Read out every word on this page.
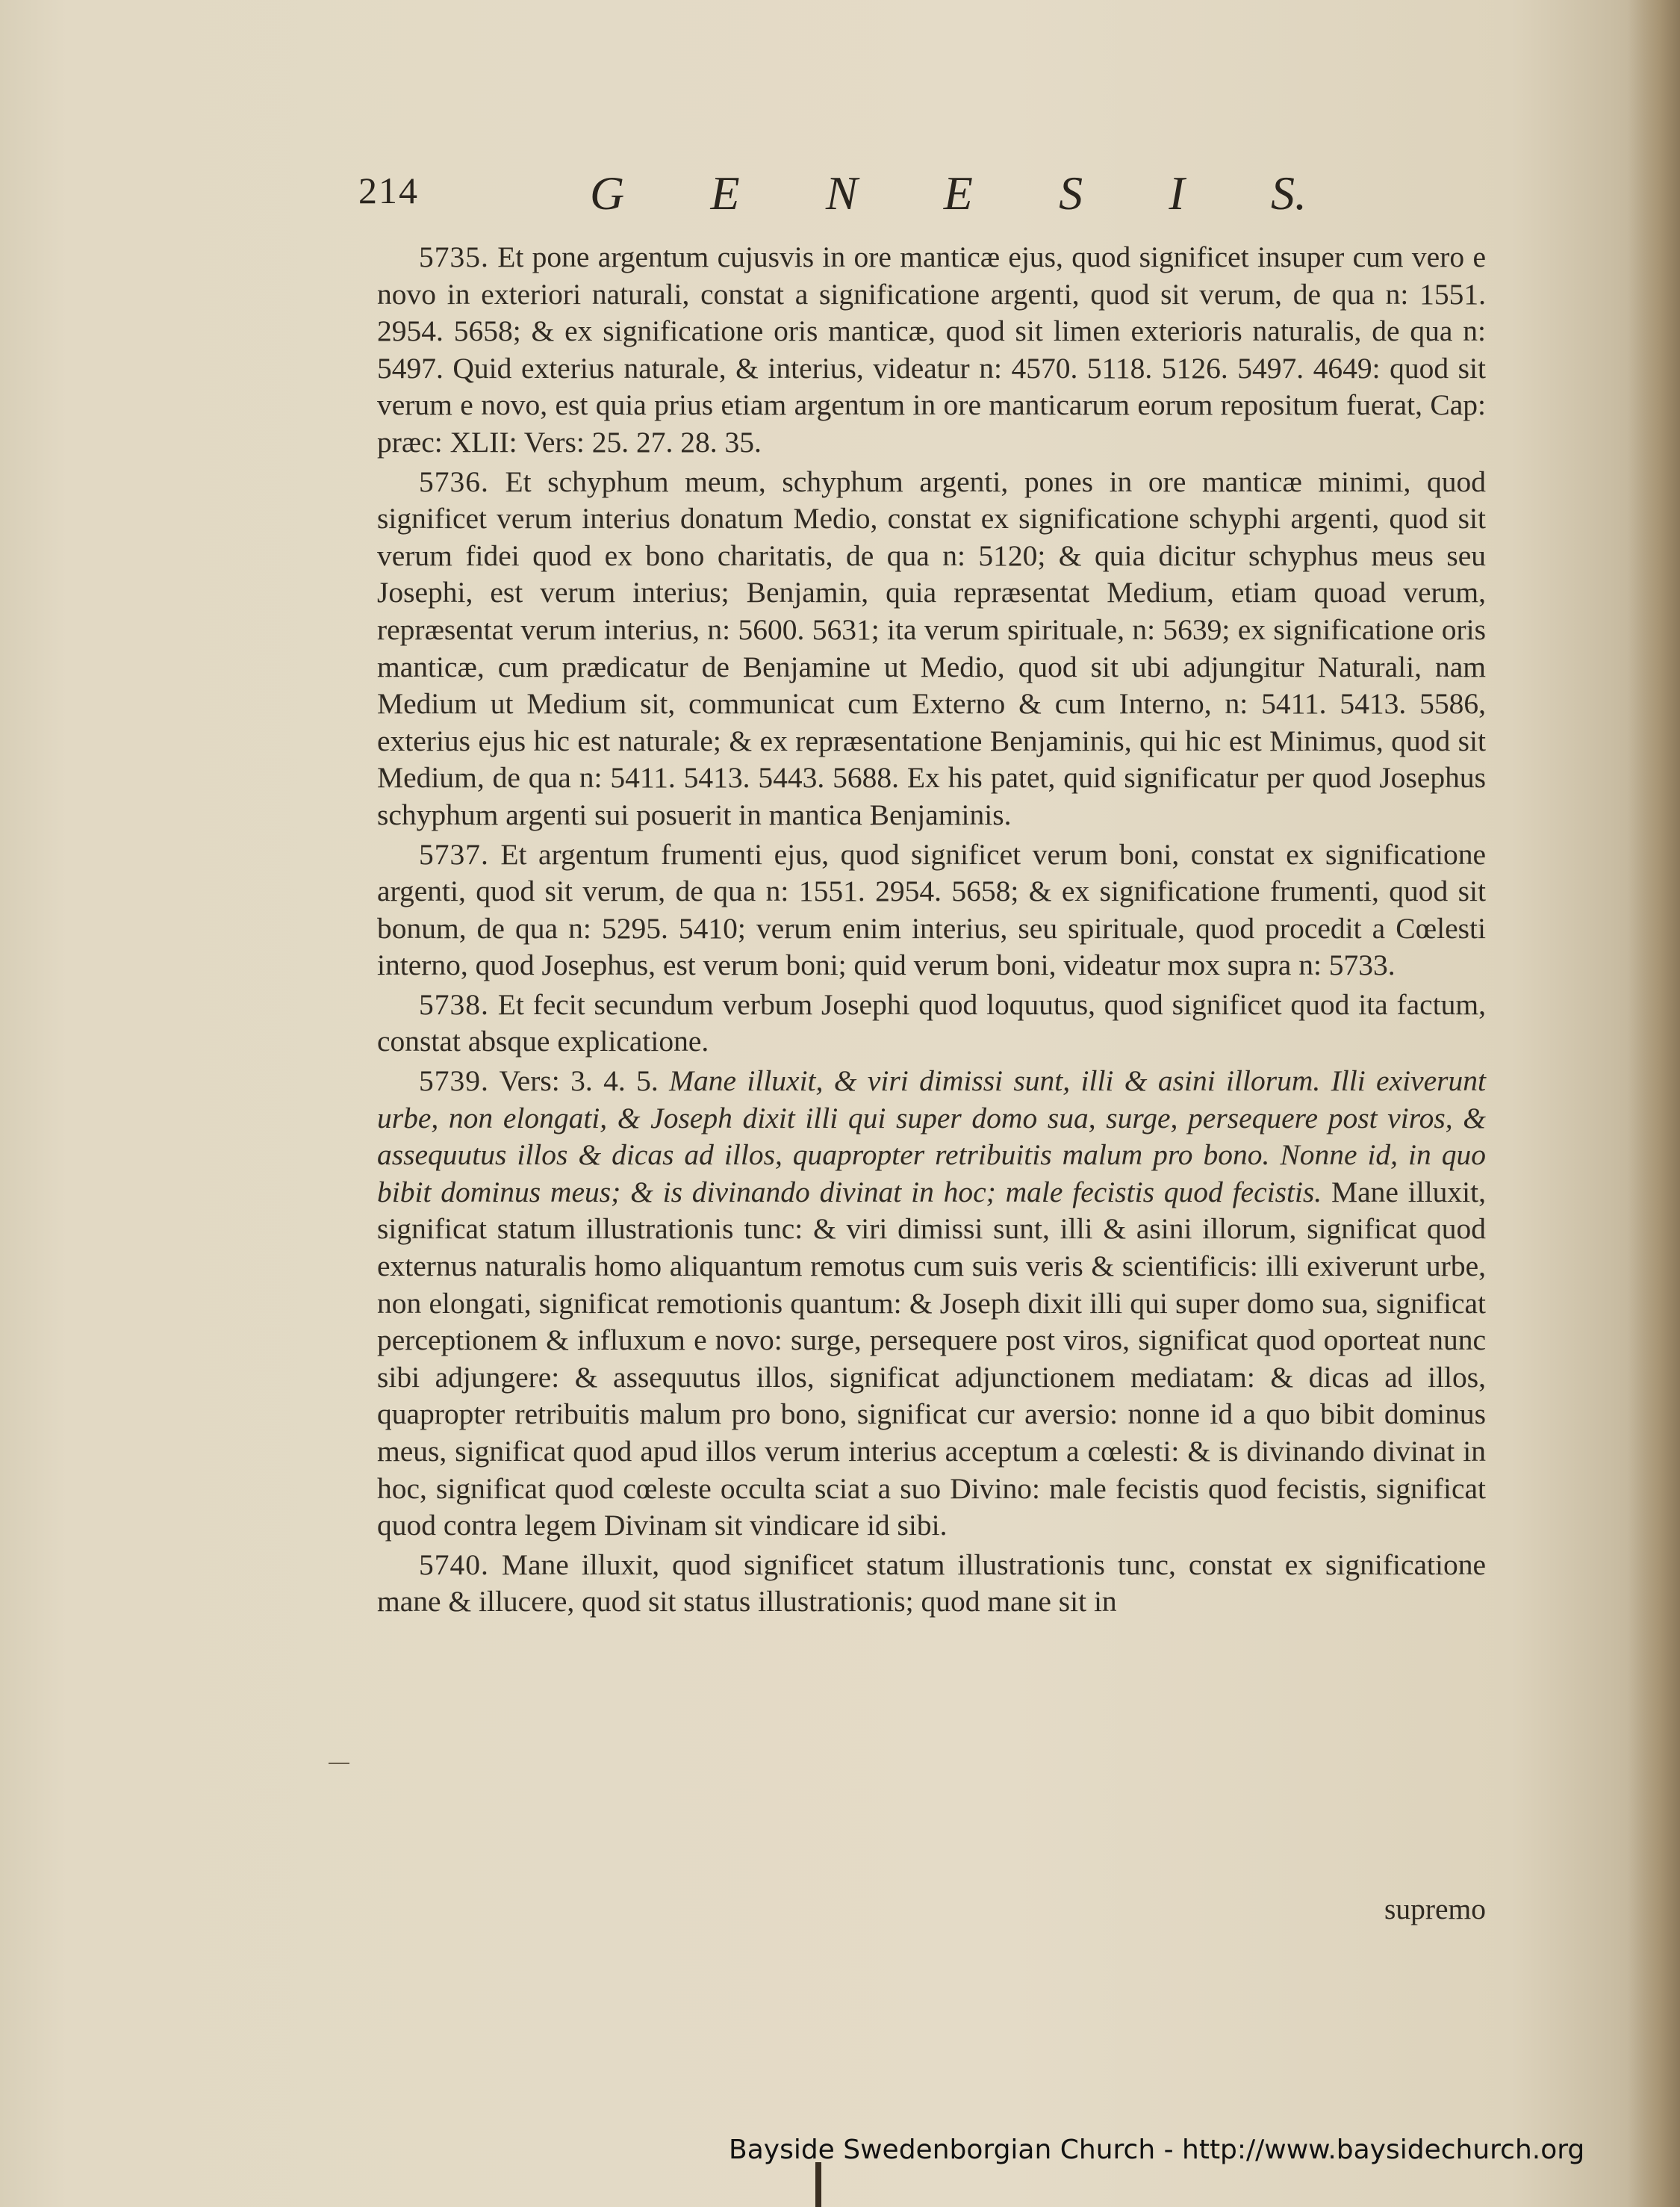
214	G E N E S I S.

5735. Et pone argentum cujusvis in ore manticæ ejus, quod significet insuper cum vero e novo in exteriori naturali, constat a significatione argenti, quod sit verum, de qua n: 1551. 2954. 5658; & ex significatione oris manticæ, quod sit limen exterioris naturalis, de qua n: 5497. Quid exterius naturale, & interius, videatur n: 4570. 5118. 5126. 5497. 4649: quod sit verum e novo, est quia prius etiam argentum in ore manticarum eorum repositum fuerat, Cap: præc: XLII: Vers: 25. 27. 28. 35.

5736. Et schyphum meum, schyphum argenti, pones in ore manticæ minimi, quod significet verum interius donatum Medio, constat ex significatione schyphi argenti, quod sit verum fidei quod ex bono charitatis, de qua n: 5120; & quia dicitur schyphus meus seu Josephi, est verum interius; Benjamin, quia repræsentat Medium, etiam quoad verum, repræsentat verum interius, n: 5600. 5631; ita verum spirituale, n: 5639; ex significatione oris manticæ, cum prædicatur de Benjamine ut Medio, quod sit ubi adjungitur Naturali, nam Medium ut Medium sit, communicat cum Externo & cum Interno, n: 5411. 5413. 5586, exterius ejus hic est naturale; & ex repræsentatione Benjaminis, qui hic est Minimus, quod sit Medium, de qua n: 5411. 5413. 5443. 5688. Ex his patet, quid significatur per quod Josephus schyphum argenti sui posuerit in mantica Benjaminis.

5737. Et argentum frumenti ejus, quod significet verum boni, constat ex significatione argenti, quod sit verum, de qua n: 1551. 2954. 5658; & ex significatione frumenti, quod sit bonum, de qua n: 5295. 5410; verum enim interius, seu spirituale, quod procedit a Cœlesti interno, quod Josephus, est verum boni; quid verum boni, videatur mox supra n: 5733.

5738. Et fecit secundum verbum Josephi quod loquutus, quod significet quod ita factum, constat absque explicatione.

5739. Vers: 3. 4. 5. Mane illuxit, & viri dimissi sunt, illi & asini illorum. Illi exiverunt urbe, non elongati, & Joseph dixit illi qui super domo sua, surge, persequere post viros, & assequutus illos & dicas ad illos, quapropter retribuitis malum pro bono. Nonne id, in quo bibit dominus meus; & is divinando divinat in hoc; male fecistis quod fecistis. Mane illuxit, significat statum illustrationis tunc: & viri dimissi sunt, illi & asini illorum, significat quod externus naturalis homo aliquantum remotus cum suis veris & scientificis: illi exiverunt urbe, non elongati, significat remotionis quantum: & Joseph dixit illi qui super domo sua, significat perceptionem & influxum e novo: surge, persequere post viros, significat quod oporteat nunc sibi adjungere: & assequutus illos, significat adjunctionem mediatam: & dicas ad illos, quapropter retribuitis malum pro bono, significat cur aversio: nonne id a quo bibit dominus meus, significat quod apud illos verum interius acceptum a cœlesti: & is divinando divinat in hoc, significat quod cœleste occulta sciat a suo Divino: male fecistis quod fecistis, significat quod contra legem Divinam sit vindicare id sibi.

5740. Mane illuxit, quod significet statum illustrationis tunc, constat ex significatione mane & illucere, quod sit status illustrationis; quod mane sit in

supremo
Bayside Swedenborgian Church - http://www.baysidechurch.org
